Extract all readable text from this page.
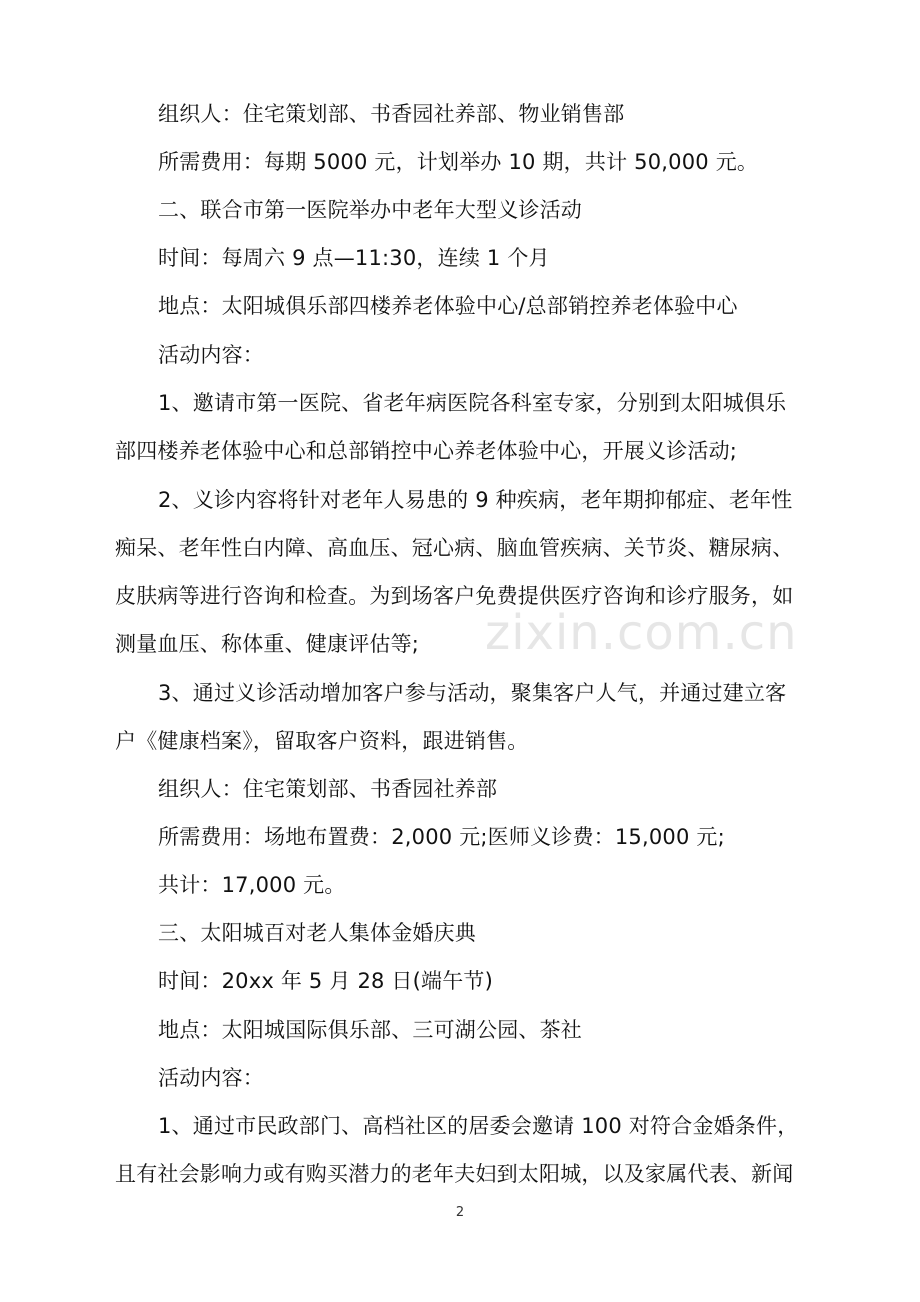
zixin.com.cn
组织人：住宅策划部、书香园社养部、物业销售部
所需费用：每期 5000 元，计划举办 10 期，共计 50,000 元。
二、联合市第一医院举办中老年大型义诊活动
时间：每周六 9 点—11:30，连续 1 个月
地点：太阳城俱乐部四楼养老体验中心/总部销控养老体验中心
活动内容：
1、邀请市第一医院、省老年病医院各科室专家，分别到太阳城俱乐
部四楼养老体验中心和总部销控中心养老体验中心，开展义诊活动;
2、义诊内容将针对老年人易患的 9 种疾病，老年期抑郁症、老年性
痴呆、老年性白内障、高血压、冠心病、脑血管疾病、关节炎、糖尿病、
皮肤病等进行咨询和检查。为到场客户免费提供医疗咨询和诊疗服务，如
测量血压、称体重、健康评估等;
3、通过义诊活动增加客户参与活动，聚集客户人气，并通过建立客
户《健康档案》，留取客户资料，跟进销售。
组织人：住宅策划部、书香园社养部
所需费用：场地布置费：2,000 元;医师义诊费：15,000 元;
共计：17,000 元。
三、太阳城百对老人集体金婚庆典
时间：20xx 年 5 月 28 日(端午节)
地点：太阳城国际俱乐部、三可湖公园、茶社
活动内容：
1、通过市民政部门、高档社区的居委会邀请 100 对符合金婚条件，
且有社会影响力或有购买潜力的老年夫妇到太阳城，以及家属代表、新闻
2
